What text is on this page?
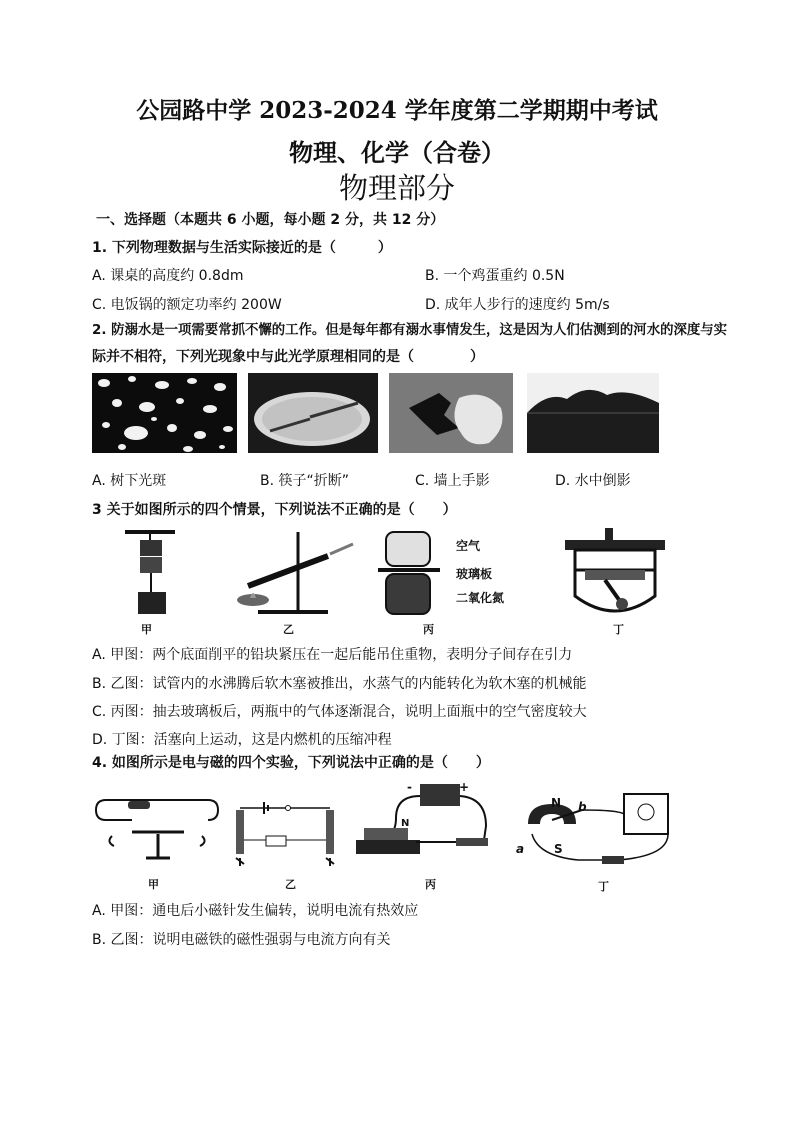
公园路中学 2023-2024 学年度第二学期期中考试
物理、化学（合卷）
物理部分
一、选择题（本题共 6 小题，每小题 2 分，共 12 分）
1. 下列物理数据与生活实际接近的是（　　　）
A. 课桌的高度约 0.8dm	B. 一个鸡蛋重约 0.5N
C. 电饭锅的额定功率约 200W	D. 成年人步行的速度约 5m/s
2. 防溺水是一项需要常抓不懈的工作。但是每年都有溺水事情发生，这是因为人们估测到的河水的深度与实
际并不相符，下列光现象中与此光学原理相同的是（　　　　）
A. 树下光斑	B. 筷子“折断”	C. 墙上手影	D. 水中倒影
3 关于如图所示的四个情景，下列说法不正确的是（　　）
甲	乙
空气
玻璃板
二氧化氮
丙	丁
A. 甲图：两个底面削平的铅块紧压在一起后能吊住重物，表明分子间存在引力
B. 乙图：试管内的水沸腾后软木塞被推出，水蒸气的内能转化为软木塞的机械能
C. 丙图：抽去玻璃板后，两瓶中的气体逐渐混合，说明上面瓶中的空气密度较大
D. 丁图：活塞向上运动，这是内燃机的压缩冲程
4. 如图所示是电与磁的四个实验，下列说法中正确的是（　　）
甲	乙
-	+
N
丙
N b
a S
丁
A. 甲图：通电后小磁针发生偏转，说明电流有热效应
B. 乙图：说明电磁铁的磁性强弱与电流方向有关
